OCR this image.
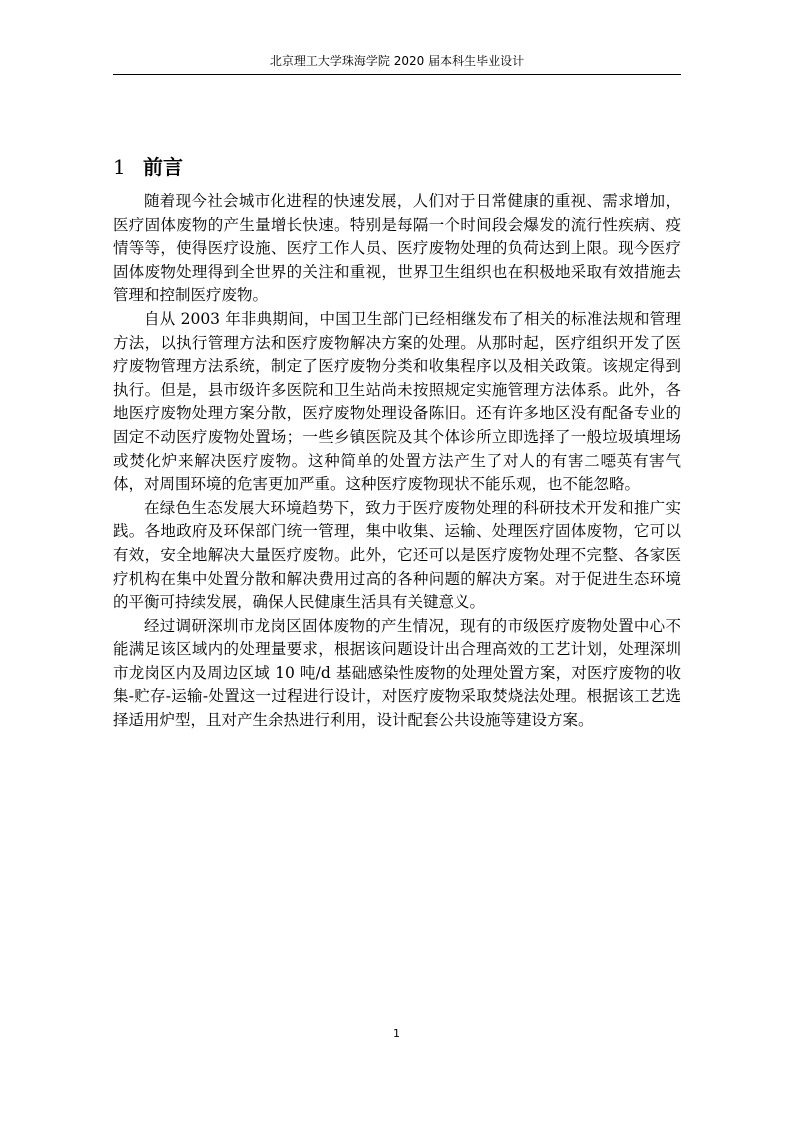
北京理工大学珠海学院 2020 届本科生毕业设计
1 前言

随着现今社会城市化进程的快速发展，人们对于日常健康的重视、需求增加，医疗固体废物的产生量增长快速。特别是每隔一个时间段会爆发的流行性疾病、疫情等等，使得医疗设施、医疗工作人员、医疗废物处理的负荷达到上限。现今医疗固体废物处理得到全世界的关注和重视，世界卫生组织也在积极地采取有效措施去管理和控制医疗废物。

自从 2003 年非典期间，中国卫生部门已经相继发布了相关的标准法规和管理方法，以执行管理方法和医疗废物解决方案的处理。从那时起，医疗组织开发了医疗废物管理方法系统，制定了医疗废物分类和收集程序以及相关政策。该规定得到执行。但是，县市级许多医院和卫生站尚未按照规定实施管理方法体系。此外，各地医疗废物处理方案分散，医疗废物处理设备陈旧。还有许多地区没有配备专业的固定不动医疗废物处置场；一些乡镇医院及其个体诊所立即选择了一般垃圾填埋场或焚化炉来解决医疗废物。这种简单的处置方法产生了对人的有害二噁英有害气体，对周围环境的危害更加严重。这种医疗废物现状不能乐观，也不能忽略。

在绿色生态发展大环境趋势下，致力于医疗废物处理的科研技术开发和推广实践。各地政府及环保部门统一管理，集中收集、运输、处理医疗固体废物，它可以有效，安全地解决大量医疗废物。此外，它还可以是医疗废物处理不完整、各家医疗机构在集中处置分散和解决费用过高的各种问题的解决方案。对于促进生态环境的平衡可持续发展，确保人民健康生活具有关键意义。

经过调研深圳市龙岗区固体废物的产生情况，现有的市级医疗废物处置中心不能满足该区域内的处理量要求，根据该问题设计出合理高效的工艺计划，处理深圳市龙岗区内及周边区域 10 吨/d 基础感染性废物的处理处置方案，对医疗废物的收集-贮存-运输-处置这一过程进行设计，对医疗废物采取焚烧法处理。根据该工艺选择适用炉型，且对产生余热进行利用，设计配套公共设施等建设方案。

1
